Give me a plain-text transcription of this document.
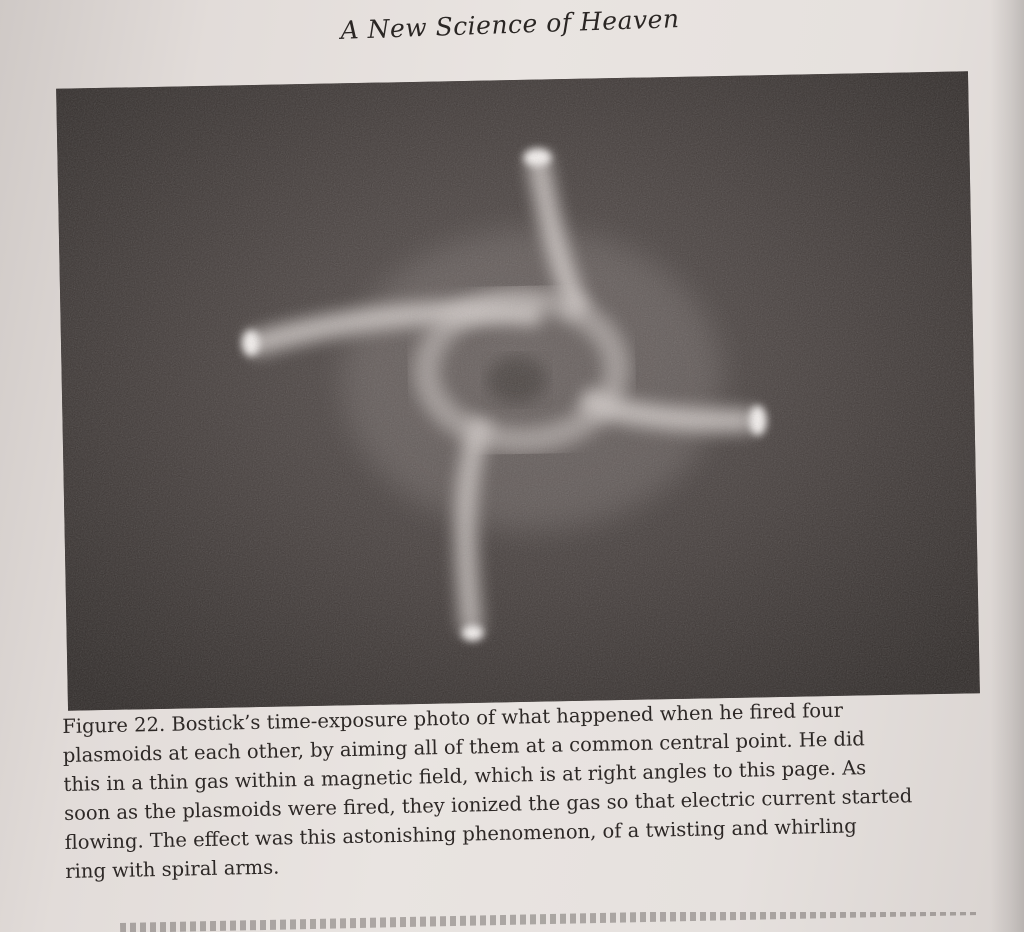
A New Science of Heaven
Figure 22. Bostick’s time-exposure photo of what happened when he fired four
plasmoids at each other, by aiming all of them at a common central point. He did
this in a thin gas within a magnetic field, which is at right angles to this page. As
soon as the plasmoids were fired, they ionized the gas so that electric current started
flowing. The effect was this astonishing phenomenon, of a twisting and whirling
ring with spiral arms.
